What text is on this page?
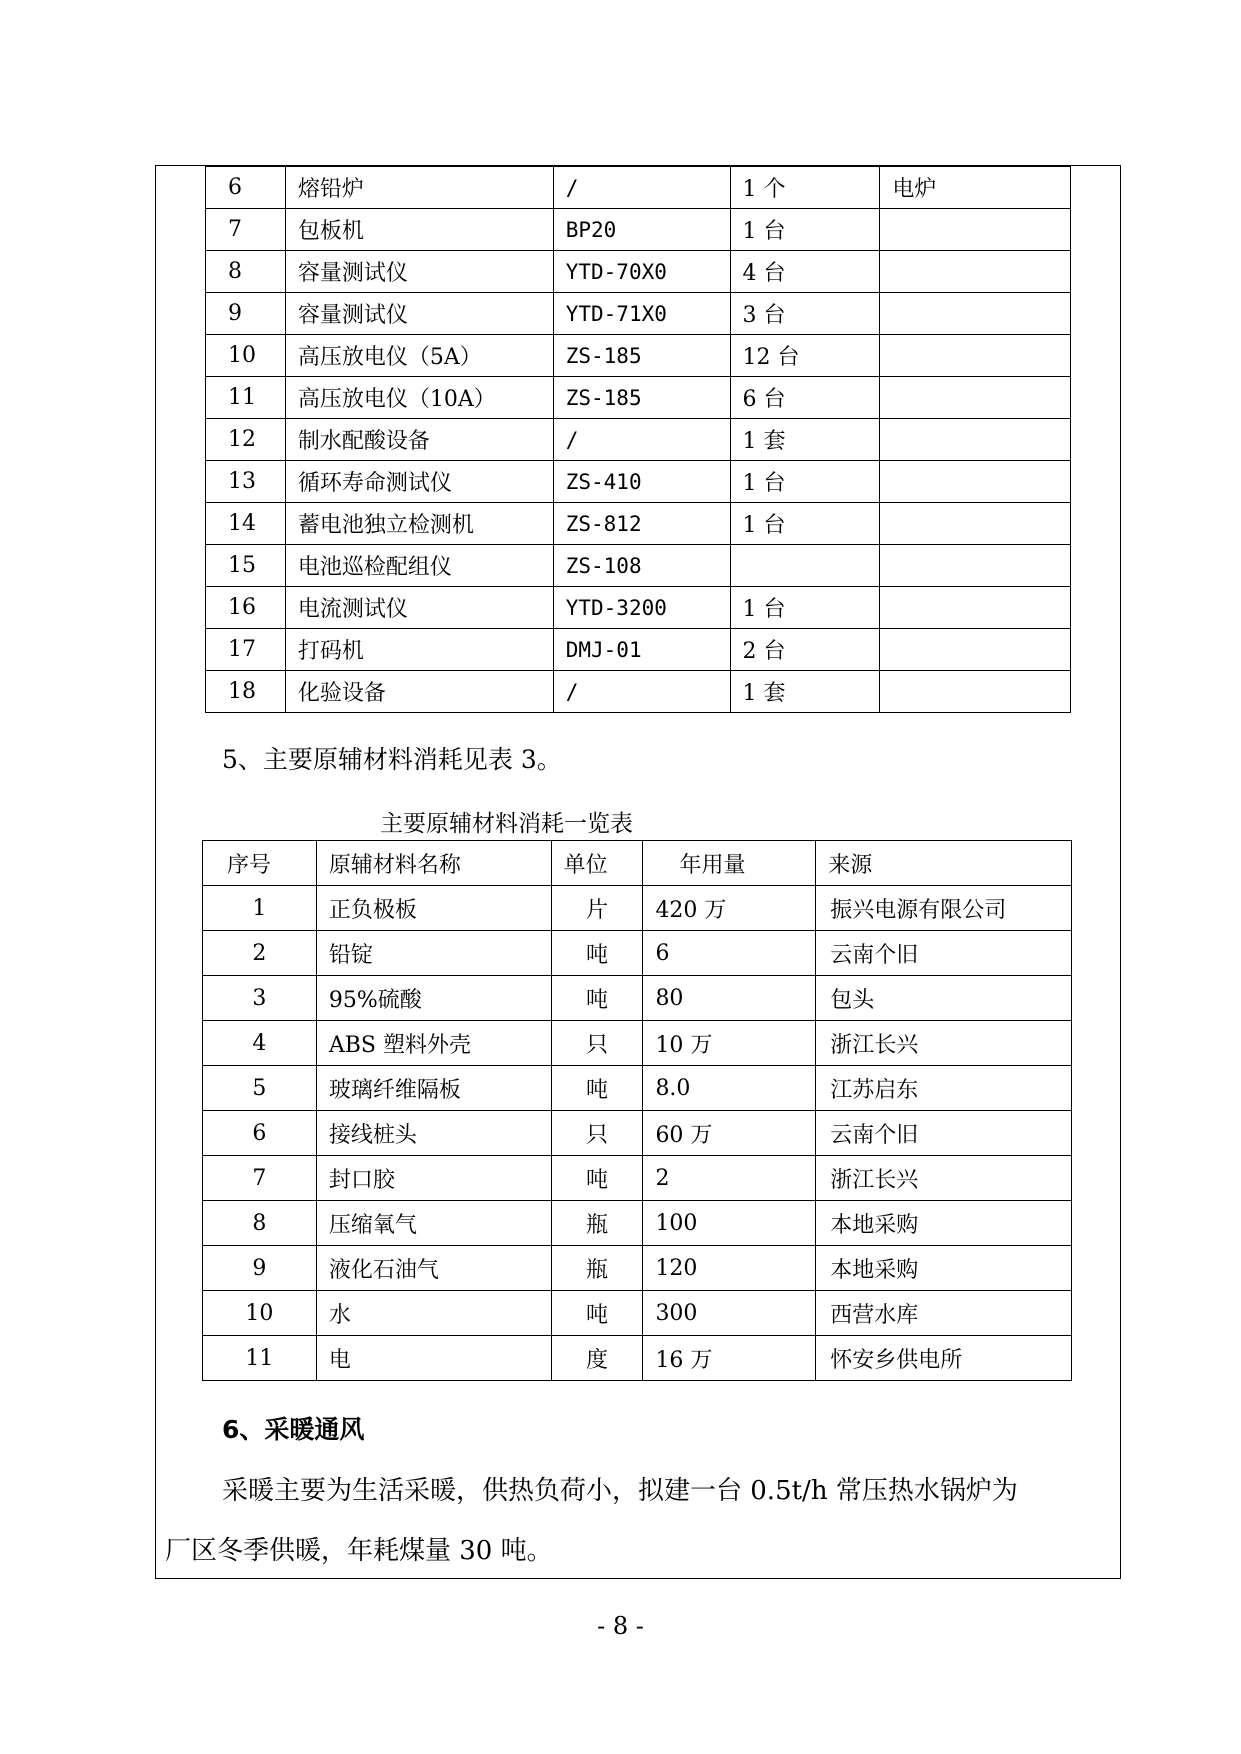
6	熔铅炉	/	1 个	电炉
7	包板机	BP20	1 台	
8	容量测试仪	YTD-70X0	4 台	
9	容量测试仪	YTD-71X0	3 台	
10	高压放电仪（5A）	ZS-185	12 台	
11	高压放电仪（10A）	ZS-185	6 台	
12	制水配酸设备	/	1 套	
13	循环寿命测试仪	ZS-410	1 台	
14	蓄电池独立检测机	ZS-812	1 台	
15	电池巡检配组仪	ZS-108		
16	电流测试仪	YTD-3200	1 台	
17	打码机	DMJ-01	2 台	
18	化验设备	/	1 套	
5、主要原辅材料消耗见表 3。
主要原辅材料消耗一览表
序号	原辅材料名称	单位	年用量	来源
1	正负极板	片	420 万	振兴电源有限公司
2	铅锭	吨	6	云南个旧
3	95%硫酸	吨	80	包头
4	ABS 塑料外壳	只	10 万	浙江长兴
5	玻璃纤维隔板	吨	8.0	江苏启东
6	接线桩头	只	60 万	云南个旧
7	封口胶	吨	2	浙江长兴
8	压缩氧气	瓶	100	本地采购
9	液化石油气	瓶	120	本地采购
10	水	吨	300	西营水库
11	电	度	16 万	怀安乡供电所
6、采暖通风
采暖主要为生活采暖，供热负荷小，拟建一台 0.5t/h 常压热水锅炉为
厂区冬季供暖，年耗煤量 30 吨。
- 8 -
